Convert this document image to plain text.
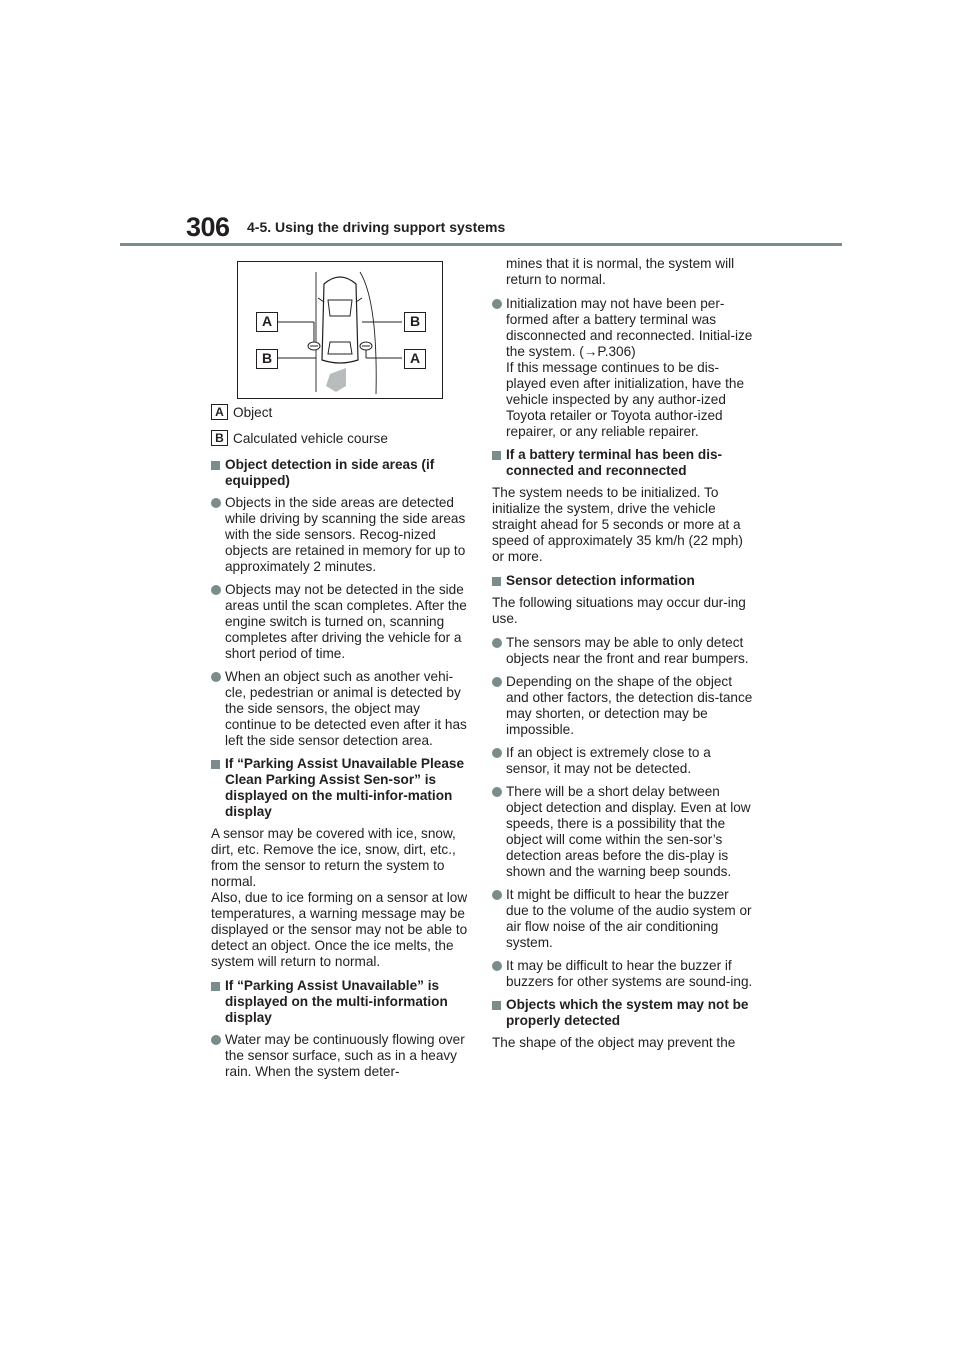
306 4-5. Using the driving support systems
A
B
B
A
A Object
B Calculated vehicle course
Object detection in side areas (if equipped)
Objects in the side areas are detected while driving by scanning the side areas with the side sensors. Recog-nized objects are retained in memory for up to approximately 2 minutes.
Objects may not be detected in the side areas until the scan completes. After the engine switch is turned on, scanning completes after driving the vehicle for a short period of time.
When an object such as another vehi-cle, pedestrian or animal is detected by the side sensors, the object may continue to be detected even after it has left the side sensor detection area.
If “Parking Assist Unavailable Please Clean Parking Assist Sen-sor” is displayed on the multi-infor-mation display

A sensor may be covered with ice, snow, dirt, etc. Remove the ice, snow, dirt, etc., from the sensor to return the system to normal.

Also, due to ice forming on a sensor at low temperatures, a warning message may be displayed or the sensor may not be able to detect an object. Once the ice melts, the system will return to normal.

If “Parking Assist Unavailable” is displayed on the multi-information display
Water may be continuously flowing over the sensor surface, such as in a heavy rain. When the system deter-

mines that it is normal, the system will return to normal.

Initialization may not have been per-formed after a battery terminal was disconnected and reconnected. Initial-ize the system. (→P.306)
If this message continues to be dis-played even after initialization, have the vehicle inspected by any author-ized Toyota retailer or Toyota author-ized repairer, or any reliable repairer.
If a battery terminal has been dis-connected and reconnected

The system needs to be initialized. To initialize the system, drive the vehicle straight ahead for 5 seconds or more at a speed of approximately 35 km/h (22 mph) or more.

Sensor detection information

The following situations may occur dur-ing use.

The sensors may be able to only detect objects near the front and rear bumpers.
Depending on the shape of the object and other factors, the detection dis-tance may shorten, or detection may be impossible.
If an object is extremely close to a sensor, it may not be detected.
There will be a short delay between object detection and display. Even at low speeds, there is a possibility that the object will come within the sen-sor’s detection areas before the dis-play is shown and the warning beep sounds.
It might be difficult to hear the buzzer due to the volume of the audio system or air flow noise of the air conditioning system.
It may be difficult to hear the buzzer if buzzers for other systems are sound-ing.
Objects which the system may not be properly detected

The shape of the object may prevent the
